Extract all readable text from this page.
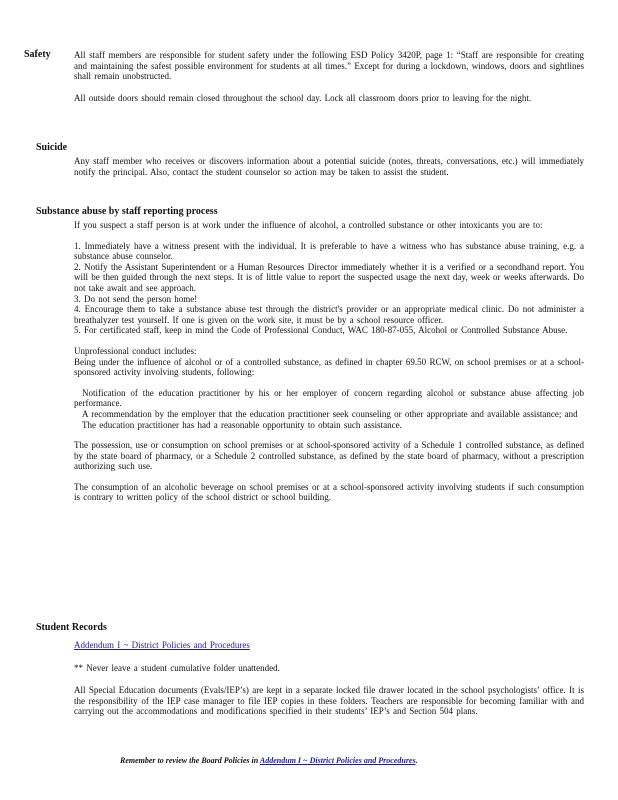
Safety	All staff members are responsible for student safety under the following ESD Policy 3420P, page 1: “Staff are responsible for creating and maintaining the safest possible environment for students at all times.” Except for during a lockdown, windows, doors and sightlines shall remain unobstructed.

All outside doors should remain closed throughout the school day. Lock all classroom doors prior to leaving for the night.

Suicide

Any staff member who receives or discovers information about a potential suicide (notes, threats, conversations, etc.) will immediately notify the principal. Also, contact the student counselor so action may be taken to assist the student.

Substance abuse by staff reporting process

If you suspect a staff person is at work under the influence of alcohol, a controlled substance or other intoxicants you are to:

1. Immediately have a witness present with the individual. It is preferable to have a witness who has substance abuse training, e.g. a substance abuse counselor.

2. Notify the Assistant Superintendent or a Human Resources Director immediately whether it is a verified or a secondhand report. You will be then guided through the next steps. It is of little value to report the suspected usage the next day, week or weeks afterwards. Do not take await and see approach.

3. Do not send the person home!

4. Encourage them to take a substance abuse test through the district's provider or an appropriate medical clinic. Do not administer a breathalyzer test yourself. If one is given on the work site, it must be by a school resource officer.

5. For certificated staff, keep in mind the Code of Professional Conduct, WAC 180-87-055, Alcohol or Controlled Substance Abuse.

Unprofessional conduct includes:

Being under the influence of alcohol or of a controlled substance, as defined in chapter 69.50 RCW, on school premises or at a school-sponsored activity involving students, following:

Notification of the education practitioner by his or her employer of concern regarding alcohol or substance abuse affecting job performance.

A recommendation by the employer that the education practitioner seek counseling or other appropriate and available assistance; and

The education practitioner has had a reasonable opportunity to obtain such assistance.

The possession, use or consumption on school premises or at school-sponsored activity of a Schedule 1 controlled substance, as defined by the state board of pharmacy, or a Schedule 2 controlled substance, as defined by the state board of pharmacy, without a prescription authorizing such use.

The consumption of an alcoholic beverage on school premises or at a school-sponsored activity involving students if such consumption is contrary to written policy of the school district or school building.

Student Records

Addendum I ~ District Policies and Procedures

** Never leave a student cumulative folder unattended.

All Special Education documents (Evals/IEP’s) are kept in a separate locked file drawer located in the school psychologists’ office. It is the responsibility of the IEP case manager to file IEP copies in these folders. Teachers are responsible for becoming familiar with and carrying out the accommodations and modifications specified in their students’ IEP’s and Section 504 plans.

Remember to review the Board Policies in Addendum I ~ District Policies and Procedures.
